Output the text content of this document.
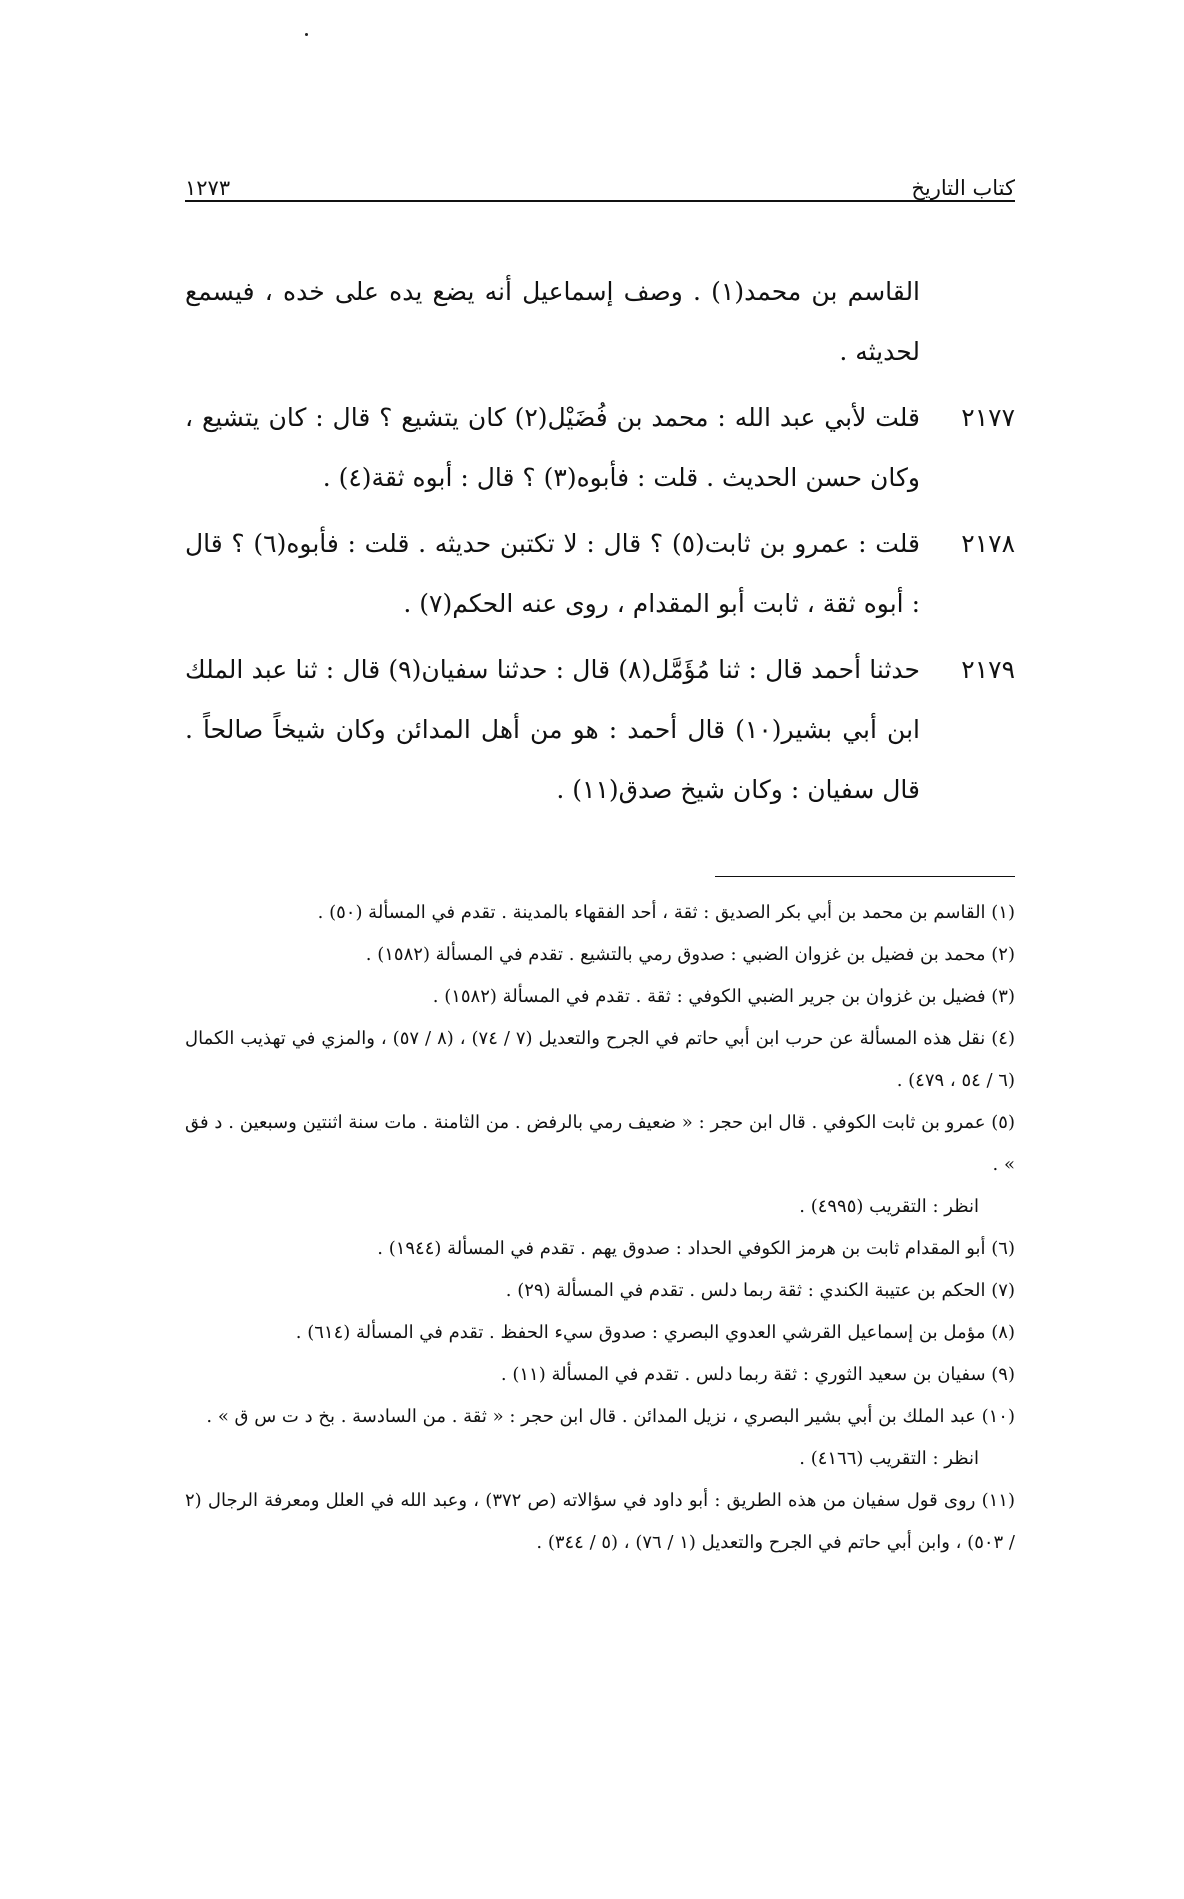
كتاب التاريخ
١٢٧٣
القاسم بن محمد(١) . وصف إسماعيل أنه يضع يده على خده ، فيسمع لحديثه .
٢١٧٧
قلت لأبي عبد الله : محمد بن فُضَيْل(٢) كان يتشيع ؟ قال : كان يتشيع ، وكان حسن الحديث . قلت : فأبوه(٣) ؟ قال : أبوه ثقة(٤) .
٢١٧٨
قلت : عمرو بن ثابت(٥) ؟ قال : لا تكتبن حديثه . قلت : فأبوه(٦) ؟ قال : أبوه ثقة ، ثابت أبو المقدام ، روى عنه الحكم(٧) .
٢١٧٩
حدثنا أحمد قال : ثنا مُؤَمَّل(٨) قال : حدثنا سفيان(٩) قال : ثنا عبد الملك ابن أبي بشير(١٠) قال أحمد : هو من أهل المدائن وكان شيخاً صالحاً . قال سفيان : وكان شيخ صدق(١١) .
(١) القاسم بن محمد بن أبي بكر الصديق : ثقة ، أحد الفقهاء بالمدينة . تقدم في المسألة (٥٠) .
(٢) محمد بن فضيل بن غزوان الضبي : صدوق رمي بالتشيع . تقدم في المسألة (١٥٨٢) .
(٣) فضيل بن غزوان بن جرير الضبي الكوفي : ثقة . تقدم في المسألة (١٥٨٢) .
(٤) نقل هذه المسألة عن حرب ابن أبي حاتم في الجرح والتعديل (٧ / ٧٤) ، (٨ / ٥٧) ، والمزي في تهذيب الكمال (٦ / ٥٤ ، ٤٧٩) .
(٥) عمرو بن ثابت الكوفي . قال ابن حجر : « ضعيف رمي بالرفض . من الثامنة . مات سنة اثنتين وسبعين . د فق » .
انظر : التقريب (٤٩٩٥) .
(٦) أبو المقدام ثابت بن هرمز الكوفي الحداد : صدوق يهم . تقدم في المسألة (١٩٤٤) .
(٧) الحكم بن عتيبة الكندي : ثقة ربما دلس . تقدم في المسألة (٢٩) .
(٨) مؤمل بن إسماعيل القرشي العدوي البصري : صدوق سيء الحفظ . تقدم في المسألة (٦١٤) .
(٩) سفيان بن سعيد الثوري : ثقة ربما دلس . تقدم في المسألة (١١) .
(١٠) عبد الملك بن أبي بشير البصري ، نزيل المدائن . قال ابن حجر : « ثقة . من السادسة . بخ د ت س ق » .
انظر : التقريب (٤١٦٦) .
(١١) روى قول سفيان من هذه الطريق : أبو داود في سؤالاته (ص ٣٧٢) ، وعبد الله في العلل ومعرفة الرجال (٢ / ٥٠٣) ، وابن أبي حاتم في الجرح والتعديل (١ / ٧٦) ، (٥ / ٣٤٤) .
